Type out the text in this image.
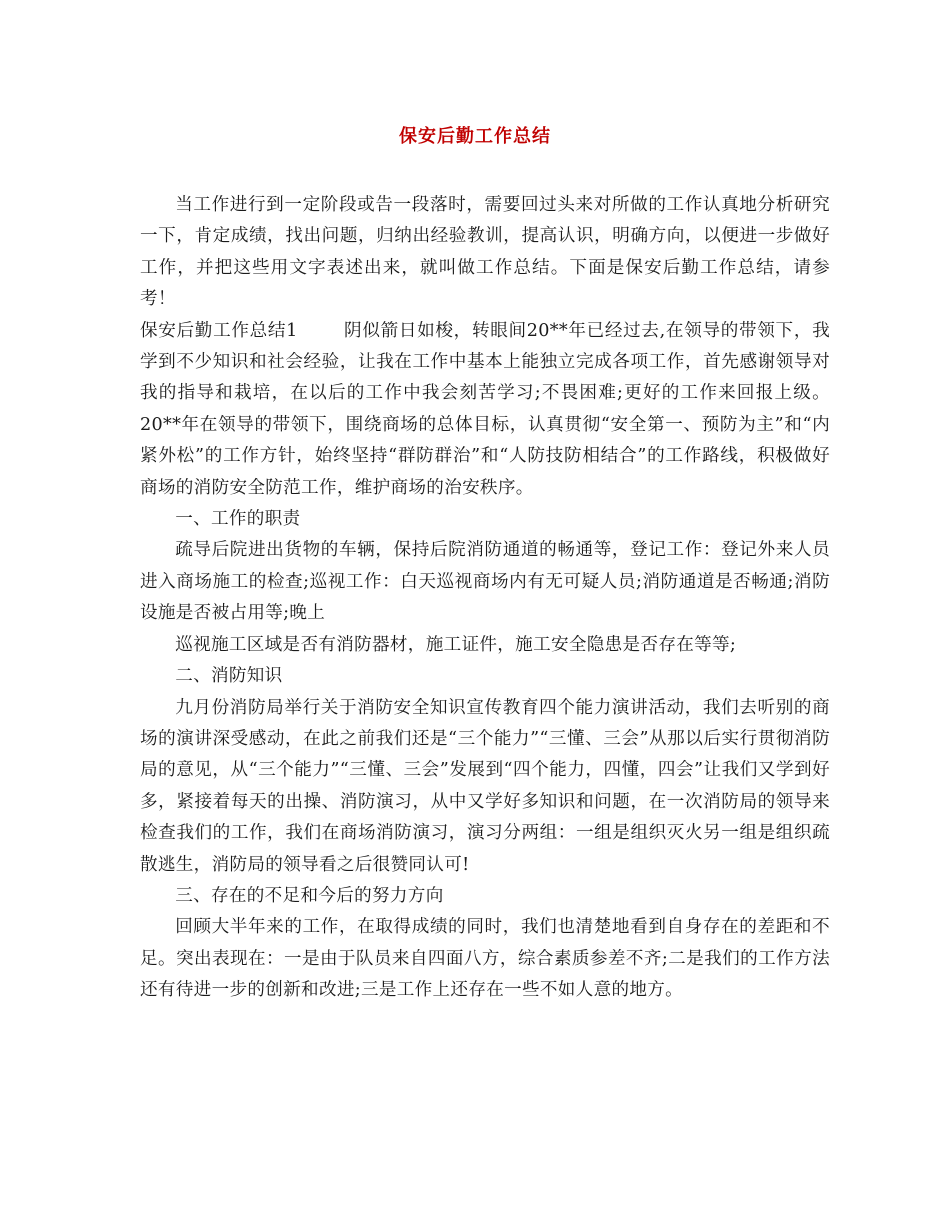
保安后勤工作总结

当工作进行到一定阶段或告一段落时，需要回过头来对所做的工作认真地分析研究一下，肯定成绩，找出问题，归纳出经验教训，提高认识，明确方向，以便进一步做好工作，并把这些用文字表述出来，就叫做工作总结。下面是保安后勤工作总结，请参考！

保安后勤工作总结1	阴似箭日如梭，转眼间20**年已经过去,在领导的带领下，我学到不少知识和社会经验，让我在工作中基本上能独立完成各项工作，首先感谢领导对我的指导和栽培，在以后的工作中我会刻苦学习;不畏困难;更好的工作来回报上级。20**年在领导的带领下，围绕商场的总体目标，认真贯彻“安全第一、预防为主”和“内紧外松”的工作方针，始终坚持“群防群治”和“人防技防相结合”的工作路线，积极做好商场的消防安全防范工作，维护商场的治安秩序。

一、工作的职责

疏导后院进出货物的车辆，保持后院消防通道的畅通等，登记工作：登记外来人员进入商场施工的检查;巡视工作：白天巡视商场内有无可疑人员;消防通道是否畅通;消防设施是否被占用等;晚上

巡视施工区域是否有消防器材，施工证件，施工安全隐患是否存在等等;

二、消防知识

九月份消防局举行关于消防安全知识宣传教育四个能力演讲活动，我们去听别的商场的演讲深受感动，在此之前我们还是“三个能力”“三懂、三会”从那以后实行贯彻消防局的意见，从“三个能力”“三懂、三会”发展到“四个能力，四懂，四会”让我们又学到好多，紧接着每天的出操、消防演习，从中又学好多知识和问题，在一次消防局的领导来检查我们的工作，我们在商场消防演习，演习分两组：一组是组织灭火另一组是组织疏散逃生，消防局的领导看之后很赞同认可!

三、存在的不足和今后的努力方向

回顾大半年来的工作，在取得成绩的同时，我们也清楚地看到自身存在的差距和不足。突出表现在：一是由于队员来自四面八方，综合素质参差不齐;二是我们的工作方法还有待进一步的创新和改进;三是工作上还存在一些不如人意的地方。
